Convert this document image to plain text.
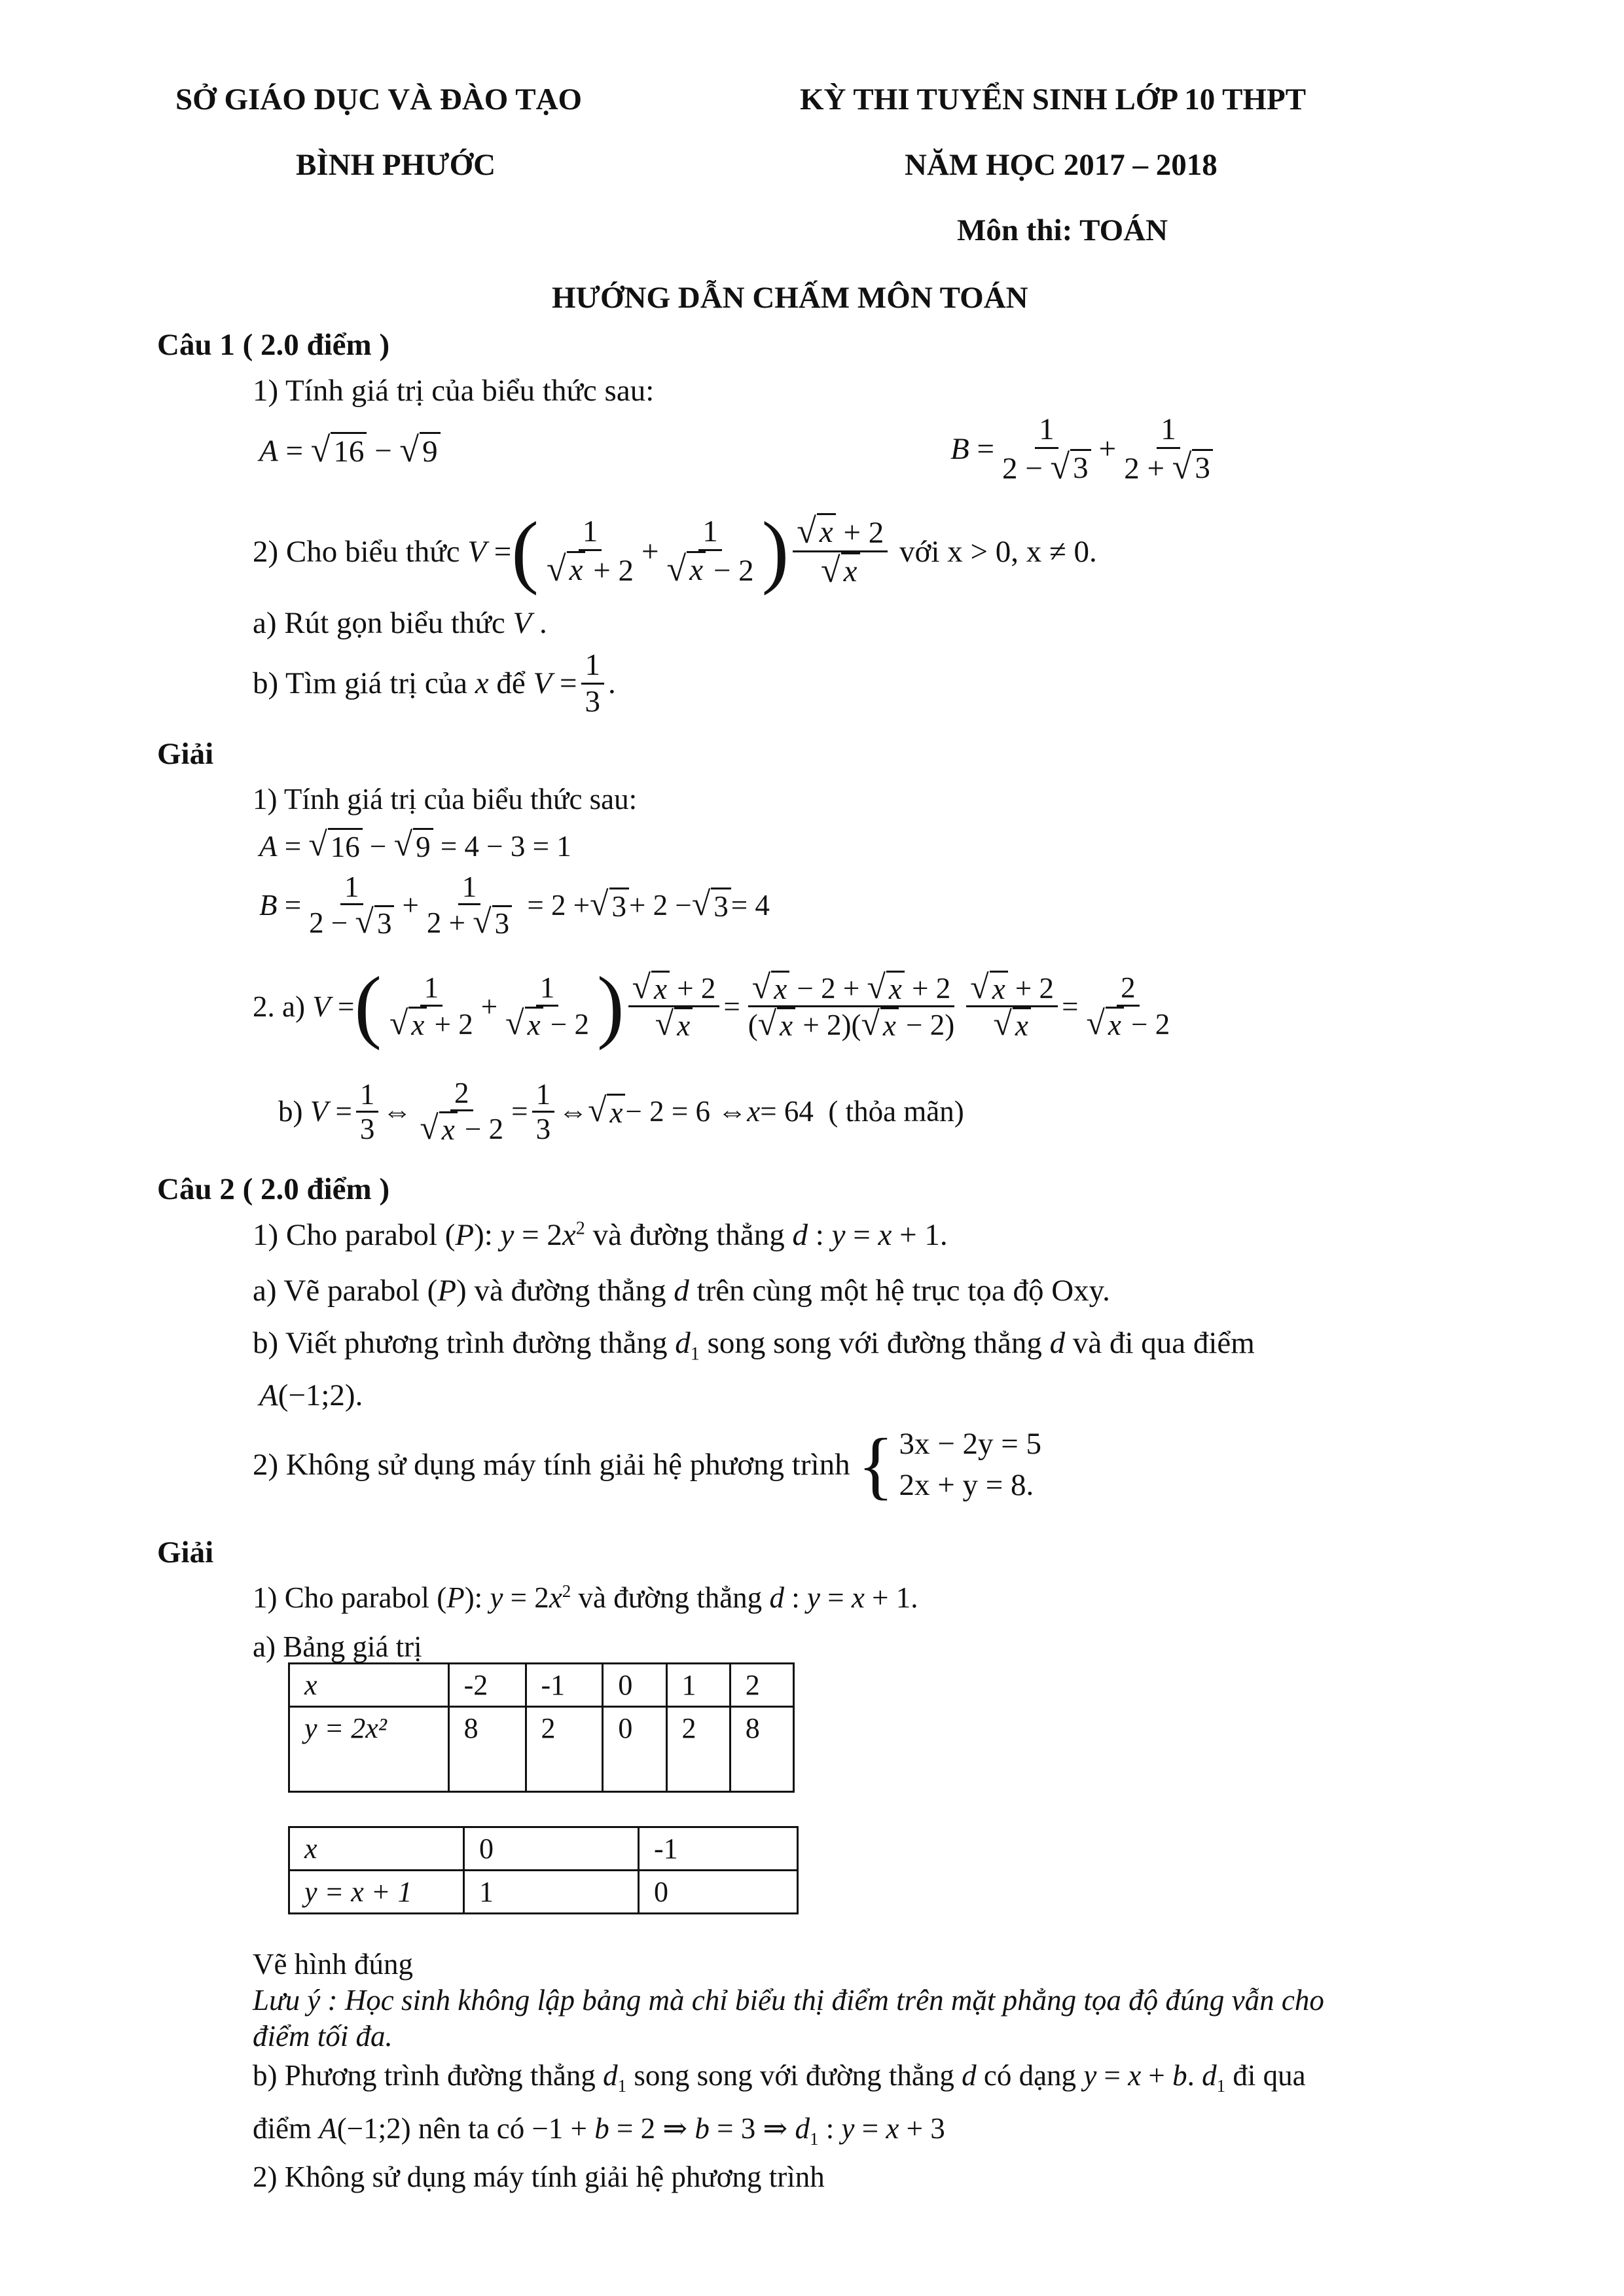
SỞ GIÁO DỤC VÀ ĐÀO TẠO
BÌNH PHƯỚC
KỲ THI TUYỂN SINH LỚP 10 THPT
NĂM HỌC 2017 – 2018
Môn thi: TOÁN
HƯỚNG DẪN CHẤM MÔN TOÁN
Câu 1 ( 2.0 điểm )
1) Tính giá trị của biểu thức sau:
A = √ 16 − √ 9	$B = \frac{1}{2 - √ 3} + \frac{1}{2 + √ 3}$
2) Cho biểu thức
V = ( $\frac{1}{√ x + 2} + \frac{1}{√ x - 2}$ ) $\frac{√ x + 2}{√ x}$
với x > 0, x ≠ 0.
a) Rút gọn biểu thức V .
b) Tìm giá trị của
x
để
$V = \frac{1}{3}$ .
Giải
1) Tính giá trị của biểu thức sau:
A = √ 16 − √ 9 = 4 − 3 = 1
$B = \frac{1}{2 - √ 3} + \frac{1}{2 + √ 3} = 2$ + √ 3 + 2 − √ 3 = 4
2. a)
V = ( $\frac{1}{√ x + 2} + \frac{1}{√ x - 2}$ ) $\frac{√ x + 2}{√ x} = \frac{√ x - 2 + √ x + 2}{( √ x + 2)( √ x - 2)} \frac{√ x + 2}{√ x} = \frac{2}{√ x - 2}$
b)
$V = \frac{1}{3}$ ⇔ $\frac{2}{√ x - 2} = \frac{1}{3}$ ⇔ √ x − 2 = 6 ⇔ x = 64 ( thỏa mãn)
Câu 2 ( 2.0 điểm )
1) Cho parabol (P): $y = 2x^2$ và đường thẳng d : y = x + 1.
a) Vẽ parabol (P) và đường thẳng d trên cùng một hệ trục tọa độ Oxy.
b) Viết phương trình đường thẳng $d_1$ song song với đường thẳng d và đi qua điểm
A(−1;2).
2) Không sử dụng máy tính giải hệ phương trình
{ 3x − 2y = 5
2x + y = 8.
Giải
1) Cho parabol (P): $y = 2x^2$ và đường thẳng d : y = x + 1.
a) Bảng giá trị
x	-2	-1	0	1	2
y = 2x²	8	2	0	2	8
x	0	-1
y = x + 1	1	0
Vẽ hình đúng
Lưu ý : Học sinh không lập bảng mà chỉ biểu thị điểm trên mặt phẳng tọa độ đúng vẫn cho
điểm tối đa.
b) Phương trình đường thẳng $d_1$ song song với đường thẳng d có dạng y = x + b. $d_1$ đi qua
điểm A(−1;2) nên ta có −1 + b = 2 ⇒ b = 3 ⇒ $d_1$ : y = x + 3
2) Không sử dụng máy tính giải hệ phương trình
